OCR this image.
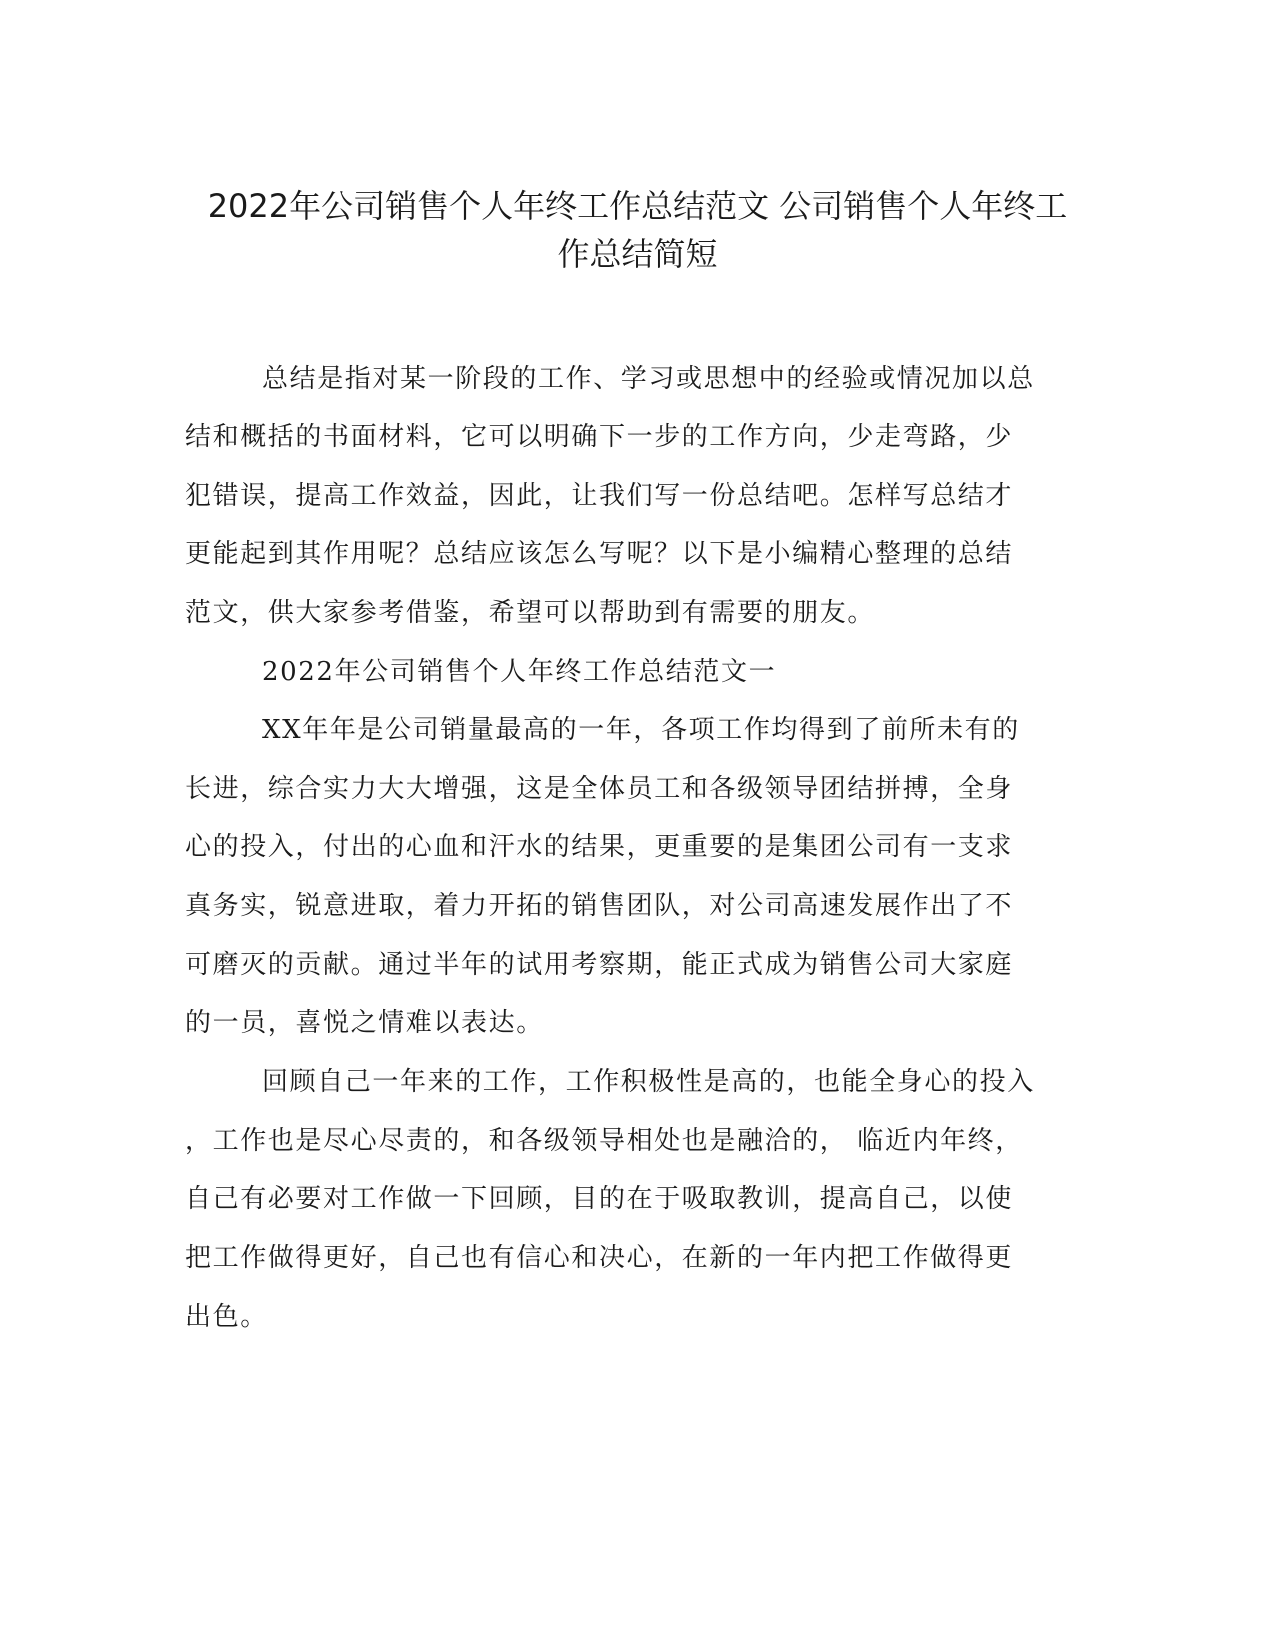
2022年公司销售个人年终工作总结范文 公司销售个人年终工
作总结简短
总结是指对某一阶段的工作、学习或思想中的经验或情况加以总
结和概括的书面材料，它可以明确下一步的工作方向，少走弯路，少
犯错误，提高工作效益，因此，让我们写一份总结吧。怎样写总结才
更能起到其作用呢？总结应该怎么写呢？以下是小编精心整理的总结
范文，供大家参考借鉴，希望可以帮助到有需要的朋友。
2022年公司销售个人年终工作总结范文一
XX年年是公司销量最高的一年，各项工作均得到了前所未有的
长进，综合实力大大增强，这是全体员工和各级领导团结拼搏，全身
心的投入，付出的心血和汗水的结果，更重要的是集团公司有一支求
真务实，锐意进取，着力开拓的销售团队，对公司高速发展作出了不
可磨灭的贡献。通过半年的试用考察期，能正式成为销售公司大家庭
的一员，喜悦之情难以表达。
回顾自己一年来的工作，工作积极性是高的，也能全身心的投入
，工作也是尽心尽责的，和各级领导相处也是融洽的， 临近内年终，
自己有必要对工作做一下回顾，目的在于吸取教训，提高自己，以使
把工作做得更好，自己也有信心和决心，在新的一年内把工作做得更
出色。
